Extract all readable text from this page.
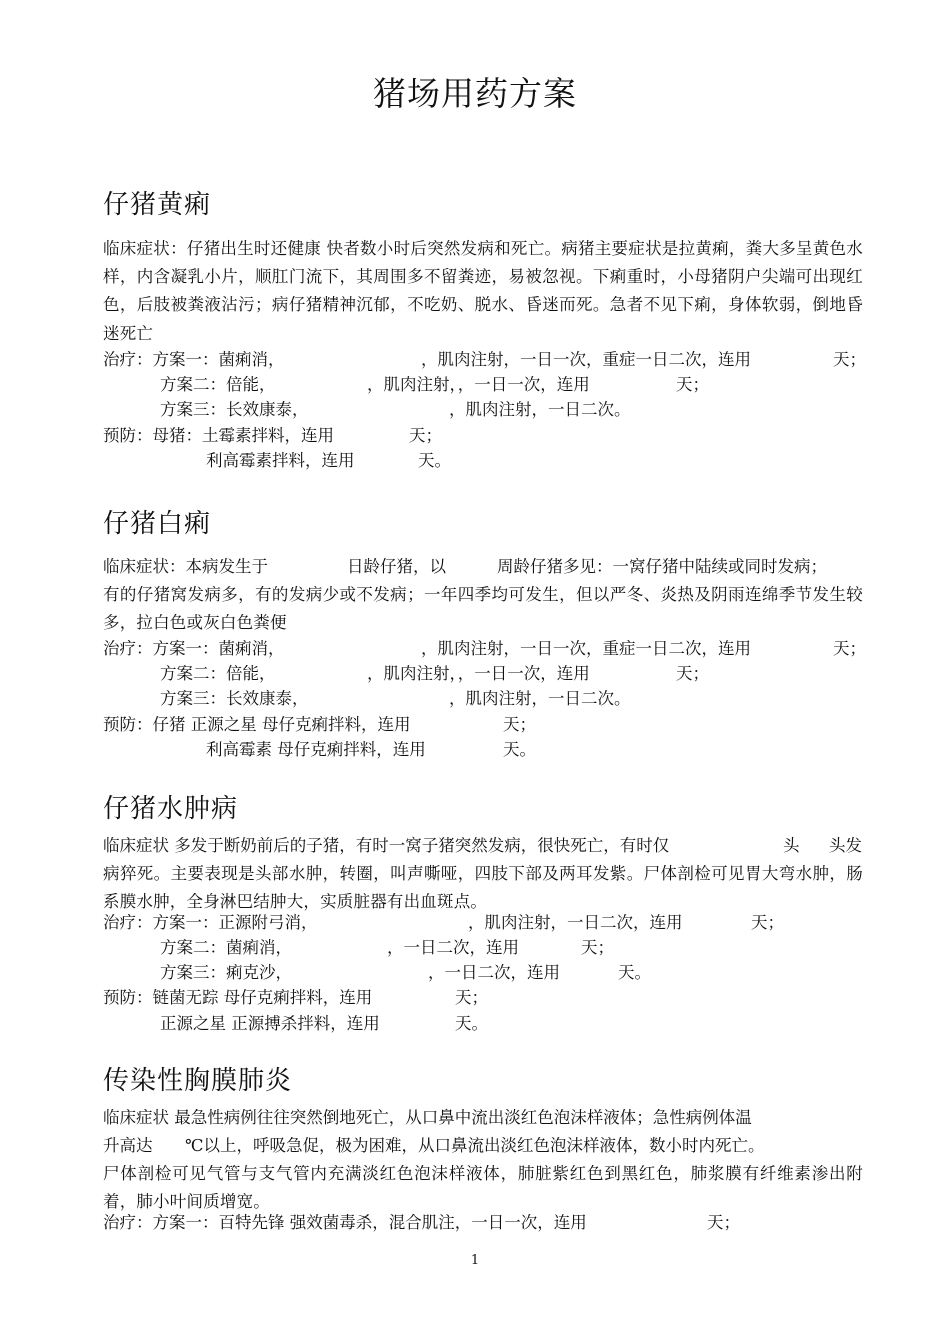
猪场用药方案
仔猪黄痢
临床症状：仔猪出生时还健康 快者数小时后突然发病和死亡。病猪主要症状是拉黄痢，粪大多呈黄色水样，内含凝乳小片，顺肛门流下，其周围多不留粪迹，易被忽视。下痢重时，小母猪阴户尖端可出现红色，后肢被粪液沾污；病仔猪精神沉郁，不吃奶、脱水、昏迷而死。急者不见下痢，身体软弱，倒地昏迷死亡
治疗：方案一：菌痢消，	，肌肉注射，一日一次，重症一日二次，连用	天；
方案二：倍能，	，肌肉注射，，一日一次，连用	天；
方案三：长效康泰，	，肌肉注射，一日二次。
预防：母猪：土霉素拌料，连用	天；
利高霉素拌料，连用	天。
仔猪白痢
临床症状：本病发生于	日龄仔猪，以	周龄仔猪多见：一窝仔猪中陆续或同时发病；
有的仔猪窝发病多，有的发病少或不发病；一年四季均可发生，但以严冬、炎热及阴雨连绵季节发生较多，拉白色或灰白色粪便
治疗：方案一：菌痢消，	，肌肉注射，一日一次，重症一日二次，连用	天；
方案二：倍能，	，肌肉注射，，一日一次，连用	天；
方案三：长效康泰，	，肌肉注射，一日二次。
预防：仔猪 正源之星 母仔克痢拌料，连用	天；
利高霉素 母仔克痢拌料，连用	天。
仔猪水肿病
临床症状 多发于断奶前后的子猪，有时一窝子猪突然发病，很快死亡，有时仅	头 头发
病猝死。主要表现是头部水肿，转圈，叫声嘶哑，四肢下部及两耳发紫。尸体剖检可见胃大弯水肿，肠系膜水肿，全身淋巴结肿大，实质脏器有出血斑点。
治疗：方案一：正源附弓消，	，肌肉注射，一日二次，连用	天；
方案二：菌痢消，	，一日二次，连用	天；
方案三：痢克沙，	，一日二次，连用	天。
预防：链菌无踪 母仔克痢拌料，连用	天；
正源之星 正源搏杀拌料，连用	天。
传染性胸膜肺炎
临床症状 最急性病例往往突然倒地死亡，从口鼻中流出淡红色泡沫样液体；急性病例体温
升高达 ℃以上，呼吸急促，极为困难，从口鼻流出淡红色泡沫样液体，数小时内死亡。
尸体剖检可见气管与支气管内充满淡红色泡沫样液体，肺脏紫红色到黑红色，肺浆膜有纤维素渗出附着，肺小叶间质增宽。
治疗：方案一：百特先锋 强效菌毒杀，混合肌注，一日一次，连用	天；
1
